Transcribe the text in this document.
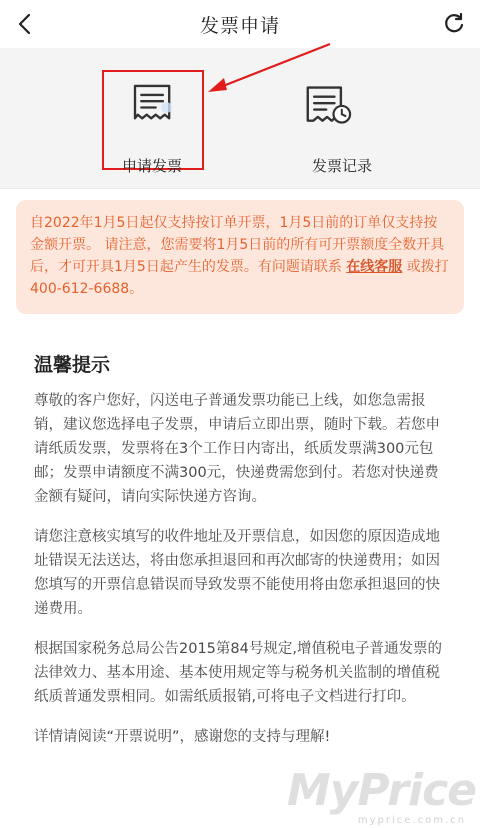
发票申请
申请发票	发票记录
自2022年1月5日起仅支持按订单开票，1月5日前的订单仅支持按金额开票。 请注意，您需要将1月5日前的所有可开票额度全数开具后，才可开具1月5日起产生的发票。有问题请联系 在线客服 或拨打400-612-6688。
温馨提示

尊敬的客户您好，闪送电子普通发票功能已上线，如您急需报销，建议您选择电子发票，申请后立即出票，随时下载。若您申请纸质发票，发票将在3个工作日内寄出，纸质发票满300元包邮；发票申请额度不满300元，快递费需您到付。若您对快递费金额有疑问，请向实际快递方咨询。

请您注意核实填写的收件地址及开票信息，如因您的原因造成地址错误无法送达，将由您承担退回和再次邮寄的快递费用；如因您填写的开票信息错误而导致发票不能使用将由您承担退回的快递费用。

根据国家税务总局公告2015第84号规定,增值税电子普通发票的法律效力、基本用途、基本使用规定等与税务机关监制的增值税纸质普通发票相同。如需纸质报销,可将电子文档进行打印。

详情请阅读“开票说明”，感谢您的支持与理解!

MyPrice
myprice.com.cn
